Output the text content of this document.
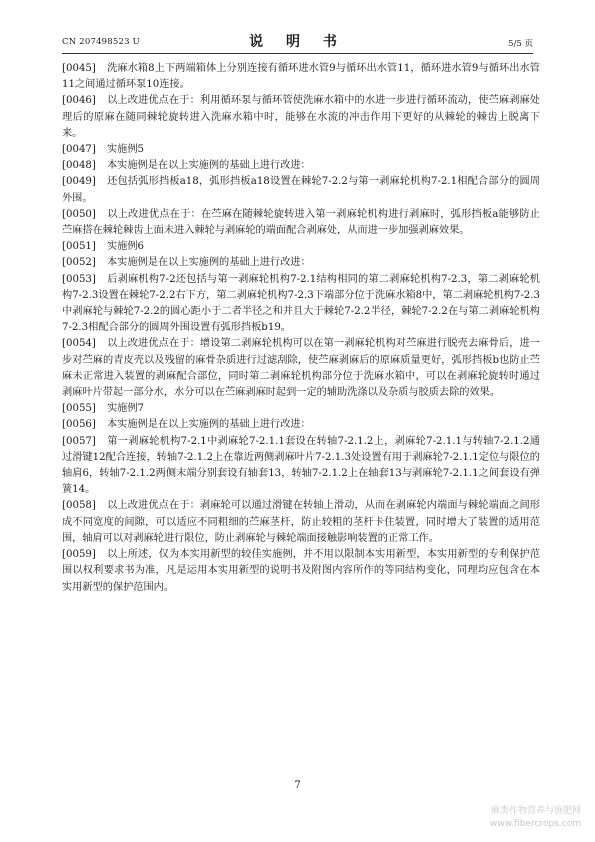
CN 207498523 U	说 明 书	5/5 页

[0045] 洗麻水箱8上下两端箱体上分别连接有循环进水管9与循环出水管11，循环进水管9与循环出水管11之间通过循环泵10连接。

[0046] 以上改进优点在于：利用循环泵与循环管使洗麻水箱中的水进一步进行循环流动，使苎麻剥麻处理后的原麻在随同棘轮旋转进入洗麻水箱中时，能够在水流的冲击作用下更好的从棘轮的棘齿上脱离下来。

[0047] 实施例5

[0048] 本实施例是在以上实施例的基础上进行改进：

[0049] 还包括弧形挡板a18，弧形挡板a18设置在棘轮7-2.2与第一剥麻轮机构7-2.1相配合部分的圆周外围。

[0050] 以上改进优点在于：在苎麻在随棘轮旋转进入第一剥麻轮机构进行剥麻时，弧形挡板a能够防止苎麻搭在棘轮棘齿上面未进入棘轮与剥麻轮的端面配合剥麻处，从而进一步加强剥麻效果。

[0051] 实施例6

[0052] 本实施例是在以上实施例的基础上进行改进：

[0053] 后剥麻机构7-2还包括与第一剥麻轮机构7-2.1结构相同的第二剥麻轮机构7-2.3，第二剥麻轮机构7-2.3设置在棘轮7-2.2右下方，第二剥麻轮机构7-2.3下端部分位于洗麻水箱8中，第二剥麻轮机构7-2.3中剥麻轮与棘轮7-2.2的圆心距小于二者半径之和并且大于棘轮7-2.2半径，棘轮7-2.2在与第二剥麻轮机构7-2.3相配合部分的圆周外围设置有弧形挡板b19。

[0054] 以上改进优点在于：增设第二剥麻轮机构可以在第一剥麻轮机构对苎麻进行脱壳去麻骨后，进一步对苎麻的青皮壳以及残留的麻骨杂质进行过滤刮除，使苎麻剥麻后的原麻质量更好，弧形挡板b也防止苎麻未正常进入装置的剥麻配合部位，同时第二剥麻轮机构部分位于洗麻水箱中，可以在剥麻轮旋转时通过剥麻叶片带起一部分水，水分可以在苎麻剥麻时起到一定的辅助洗涤以及杂质与胶质去除的效果。

[0055] 实施例7

[0056] 本实施例是在以上实施例的基础上进行改进：

[0057] 第一剥麻轮机构7-2.1中剥麻轮7-2.1.1套设在转轴7-2.1.2上，剥麻轮7-2.1.1与转轴7-2.1.2通过滑键12配合连接，转轴7-2.1.2上在靠近两侧剥麻叶片7-2.1.3处设置有用于剥麻轮7-2.1.1定位与限位的轴肩6，转轴7-2.1.2两侧末端分别套设有轴套13，转轴7-2.1.2上在轴套13与剥麻轮7-2.1.1之间套设有弹簧14。

[0058] 以上改进优点在于：剥麻轮可以通过滑键在转轴上滑动，从而在剥麻轮内端面与棘轮端面之间形成不同宽度的间隙，可以适应不同粗细的苎麻茎杆，防止较粗的茎杆卡住装置，同时增大了装置的适用范围，轴肩可以对剥麻轮进行限位，防止剥麻轮与棘轮端面接触影响装置的正常工作。

[0059] 以上所述，仅为本实用新型的较佳实施例，并不用以限制本实用新型，本实用新型的专利保护范围以权利要求书为准，凡是运用本实用新型的说明书及附图内容所作的等同结构变化，同理均应包含在本实用新型的保护范围内。

7
麻类作物营养与施肥网
www.fibercrops.com
